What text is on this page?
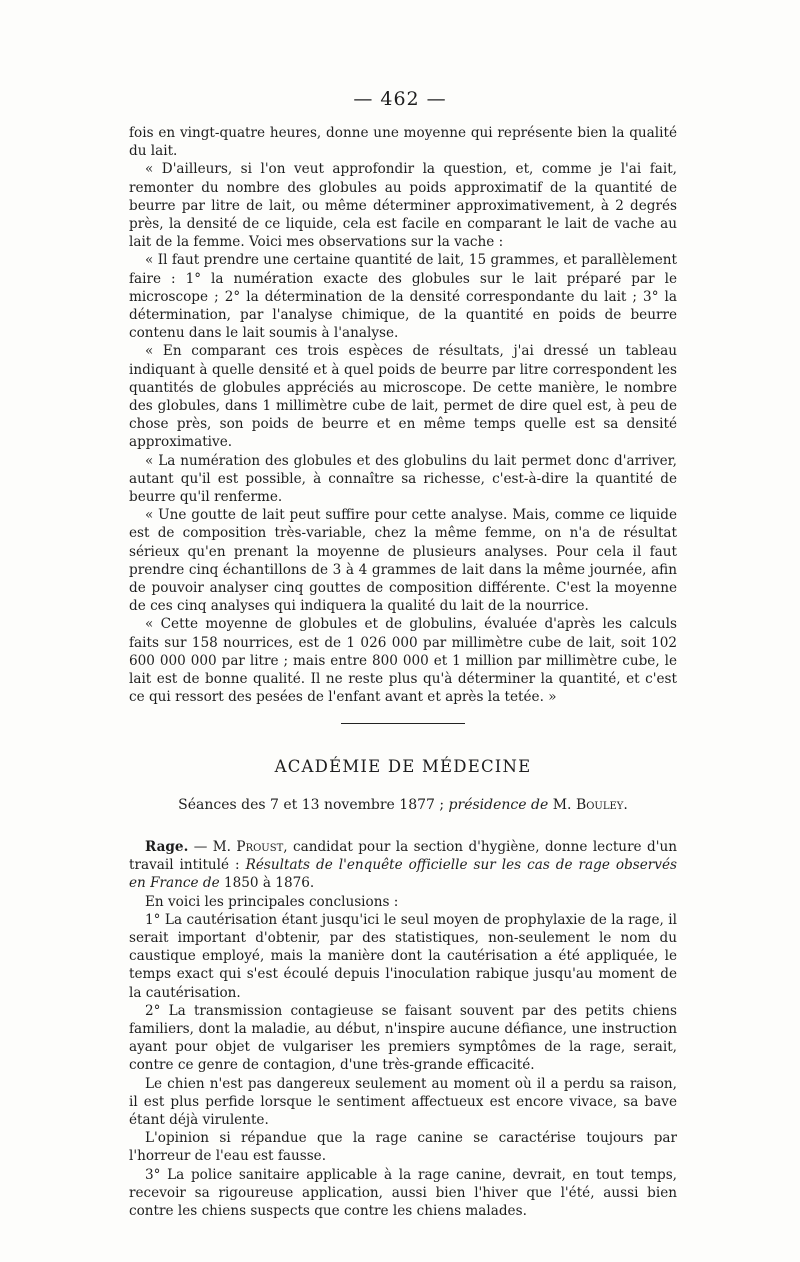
— 462 —

fois en vingt-quatre heures, donne une moyenne qui représente bien la qualité du lait.

« D'ailleurs, si l'on veut approfondir la question, et, comme je l'ai fait, remonter du nombre des globules au poids approximatif de la quantité de beurre par litre de lait, ou même déterminer approximativement, à 2 degrés près, la densité de ce liquide, cela est facile en comparant le lait de vache au lait de la femme. Voici mes observations sur la vache :

« Il faut prendre une certaine quantité de lait, 15 grammes, et parallèlement faire : 1° la numération exacte des globules sur le lait préparé par le microscope ; 2° la détermination de la densité correspondante du lait ; 3° la détermination, par l'analyse chimique, de la quantité en poids de beurre contenu dans le lait soumis à l'analyse.

« En comparant ces trois espèces de résultats, j'ai dressé un tableau indiquant à quelle densité et à quel poids de beurre par litre correspondent les quantités de globules appréciés au microscope. De cette manière, le nombre des globules, dans 1 millimètre cube de lait, permet de dire quel est, à peu de chose près, son poids de beurre et en même temps quelle est sa densité approximative.

« La numération des globules et des globulins du lait permet donc d'arriver, autant qu'il est possible, à connaître sa richesse, c'est-à-dire la quantité de beurre qu'il renferme.

« Une goutte de lait peut suffire pour cette analyse. Mais, comme ce liquide est de composition très-variable, chez la même femme, on n'a de résultat sérieux qu'en prenant la moyenne de plusieurs analyses. Pour cela il faut prendre cinq échantillons de 3 à 4 grammes de lait dans la même journée, afin de pouvoir analyser cinq gouttes de composition différente. C'est la moyenne de ces cinq analyses qui indiquera la qualité du lait de la nourrice.

« Cette moyenne de globules et de globulins, évaluée d'après les calculs faits sur 158 nourrices, est de 1 026 000 par millimètre cube de lait, soit 102 600 000 000 par litre ; mais entre 800 000 et 1 million par millimètre cube, le lait est de bonne qualité. Il ne reste plus qu'à déterminer la quantité, et c'est ce qui ressort des pesées de l'enfant avant et après la tetée. »

ACADÉMIE DE MÉDECINE
Séances des 7 et 13 novembre 1877 ; présidence de M. Bouley.

Rage. — M. Proust, candidat pour la section d'hygiène, donne lecture d'un travail intitulé : Résultats de l'enquête officielle sur les cas de rage observés en France de 1850 à 1876.

En voici les principales conclusions :

1° La cautérisation étant jusqu'ici le seul moyen de prophylaxie de la rage, il serait important d'obtenir, par des statistiques, non-seulement le nom du caustique employé, mais la manière dont la cautérisation a été appliquée, le temps exact qui s'est écoulé depuis l'inoculation rabique jusqu'au moment de la cautérisation.

2° La transmission contagieuse se faisant souvent par des petits chiens familiers, dont la maladie, au début, n'inspire aucune défiance, une instruction ayant pour objet de vulgariser les premiers symptômes de la rage, serait, contre ce genre de contagion, d'une très-grande efficacité.

Le chien n'est pas dangereux seulement au moment où il a perdu sa raison, il est plus perfide lorsque le sentiment affectueux est encore vivace, sa bave étant déjà virulente.

L'opinion si répandue que la rage canine se caractérise toujours par l'horreur de l'eau est fausse.

3° La police sanitaire applicable à la rage canine, devrait, en tout temps, recevoir sa rigoureuse application, aussi bien l'hiver que l'été, aussi bien contre les chiens suspects que contre les chiens malades.
